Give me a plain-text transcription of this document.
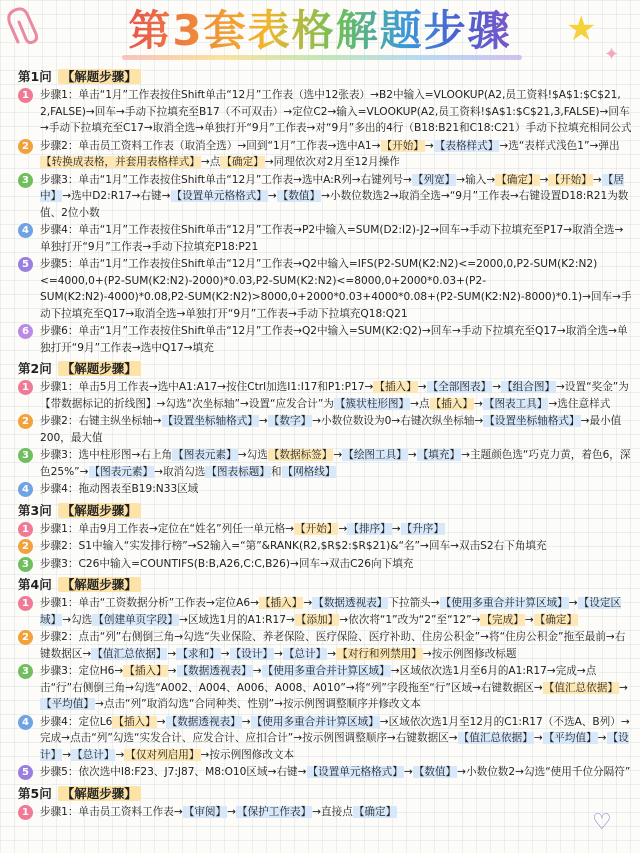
★
✦
♡
第3套表格解题步骤
第1问 【解题步骤】
1	步骤1：单击“1月”工作表按住Shift单击“12月”工作表（选中12张表）→B2中输入=VLOOKUP(A2,员工资料!$A$1:$C$21, 2,FALSE)→回车→手动下拉填充至B17（不可双击）→定位C2→输入=VLOOKUP(A2,员工资料!$A$1:$C$21,3,FALSE)→回车→手动下拉填充至C17→取消全选→单独打开“9月”工作表→对“9月”多出的4行（B18:B21和C18:C21）手动下拉填充相同公式
2	步骤2：单击员工资料工作表（取消全选）→回到“1月”工作表→选中A1→【开始】→【表格样式】→选“表样式浅色1”→弹出【转换成表格，并套用表格样式】→点【确定】→同理依次对2月至12月操作
3	步骤3：单击“1月”工作表按住Shift单击“12月”工作表→选中A:R列→右键列号→【列宽】→输入→【确定】→【开始】→【居中】→选中D2:R17→右键→【设置单元格格式】→【数值】→小数位数选2→取消全选→“9月”工作表→右键设置D18:R21为数值、2位小数
4	步骤4：单击“1月”工作表按住Shift单击“12月”工作表→P2中输入=SUM(D2:I2)-J2→回车→手动下拉填充至P17→取消全选→单独打开“9月”工作表→手动下拉填充P18:P21
5	步骤5：单击“1月”工作表按住Shift单击“12月”工作表→Q2中输入=IFS(P2-SUM(K2:N2)<=2000,0,P2-SUM(K2:N2)<=4000,0+(P2-SUM(K2:N2)-2000)*0.03,P2-SUM(K2:N2)<=8000,0+2000*0.03+(P2-SUM(K2:N2)-4000)*0.08,P2-SUM(K2:N2)>8000,0+2000*0.03+4000*0.08+(P2-SUM(K2:N2)-8000)*0.1)→回车→手动下拉填充至Q17→取消全选→单独打开“9月”工作表→手动下拉填充Q18:Q21
6	步骤6：单击“1月”工作表按住Shift单击“12月”工作表→Q2中输入=SUM(K2:Q2)→回车→手动下拉填充至Q17→取消全选→单独打开“9月”工作表→选中Q17→填充
第2问 【解题步骤】
1	步骤1：单击5月工作表→选中A1:A17→按住Ctrl加选I1:I17和P1:P17→【插入】→【全部图表】→【组合图】→设置“奖金”为【带数据标记的折线图】→勾选“次坐标轴”→设置“应发合计”为【簇状柱形图】→点【插入】→【图表工具】→选住意样式
2	步骤2：右键主纵坐标轴→【设置坐标轴格式】→【数字】→小数位数设为0→右键次纵坐标轴→【设置坐标轴格式】→最小值200，最大值
3	步骤3：选中柱形图→右上角【图表元素】→勾选【数据标签】→【绘图工具】→【填充】→主题颜色选“巧克力黄，着色6，深色25%”→【图表元素】→取消勾选【图表标题】和【网格线】
4	步骤4：拖动图表至B19:N33区域
第3问 【解题步骤】
1	步骤1：单击9月工作表→定位在“姓名”列任一单元格→【开始】→【排序】→【升序】
2	步骤2：S1中输入“实发排行榜”→S2输入=“第”&RANK(R2,$R$2:$R$21)&“名”→回车→双击S2右下角填充
3	步骤3：C26中输入=COUNTIFS(B:B,A26,C:C,B26)→回车→双击C26向下填充
第4问 【解题步骤】
1	步骤1：单击“工资数据分析”工作表→定位A6→【插入】→【数据透视表】下拉箭头→【使用多重合并计算区域】→【设定区域】→勾选【创建单页字段】→区域选1月的A1:R17→【添加】→依次将“1”改为“2”至“12”→【完成】→【确定】
2	步骤2：点击“列”右侧倒三角→勾选“失业保险、养老保险、医疗保险、医疗补助、住房公积金”→将“住房公积金”拖至最前→右键数据区→【值汇总依据】→【求和】→【设计】→【总计】→【对行和列禁用】→按示例图修改标题
3	步骤3：定位H6→【插入】→【数据透视表】→【使用多重合并计算区域】→区域依次选1月至6月的A1:R17→完成→点击“行”右侧倒三角→勾选“A002、A004、A006、A008、A010”→将“列”字段拖至“行”区域→右键数据区→【值汇总依据】→【平均值】→点击“列”取消勾选“合同种类、性别”→按示例图调整顺序并修改文本
4	步骤4：定位L6【插入】→【数据透视表】→【使用多重合并计算区域】→区域依次选1月至12月的C1:R17（不选A、B列）→完成→点击“列”勾选“实发合计、应发合计、应扣合计”→按示例图调整顺序→右键数据区→【值汇总依据】→【平均值】→【设计】→【总计】→【仅对列启用】→按示例图修改文本
5	步骤5：依次选中I8:F23、J7:J87、M8:O10区域→右键→【设置单元格格式】→【数值】→小数位数2→勾选“使用千位分隔符”
第5问 【解题步骤】
1	步骤1：单击员工资料工作表→【审阅】→【保护工作表】→直接点【确定】
